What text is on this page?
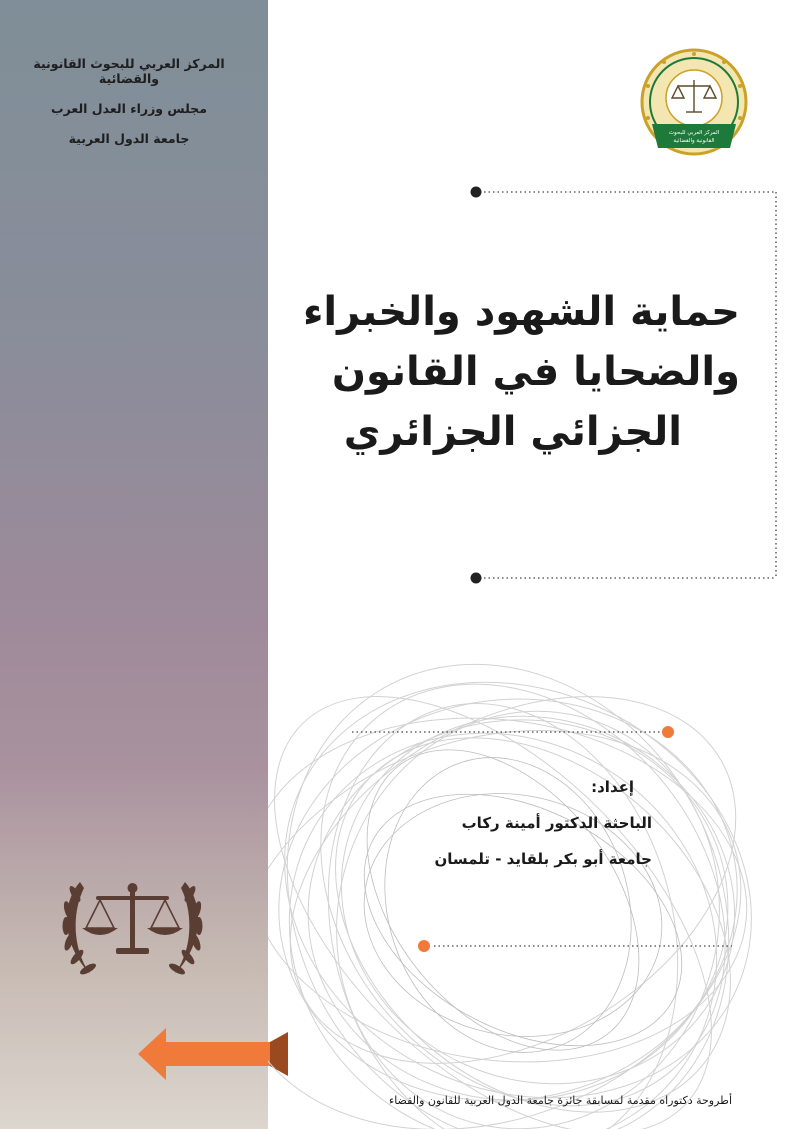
المركز العربي للبحوث القانونية والقضائية
مجلس وزراء العدل العرب
جامعة الدول العربية	المركز العربي للبحوث
القانونية والقضائية
حماية الشهود والخبراء
والضحايا في القانون
الجزائي الجزائري
إعداد:
الباحثة الدكتور أمينة ركاب
جامعة أبو بكر بلقايد - تلمسان
أطروحة دكتوراه مقدمة لمسابقة جائزة جامعة الدول العربية للقانون والقضاء
